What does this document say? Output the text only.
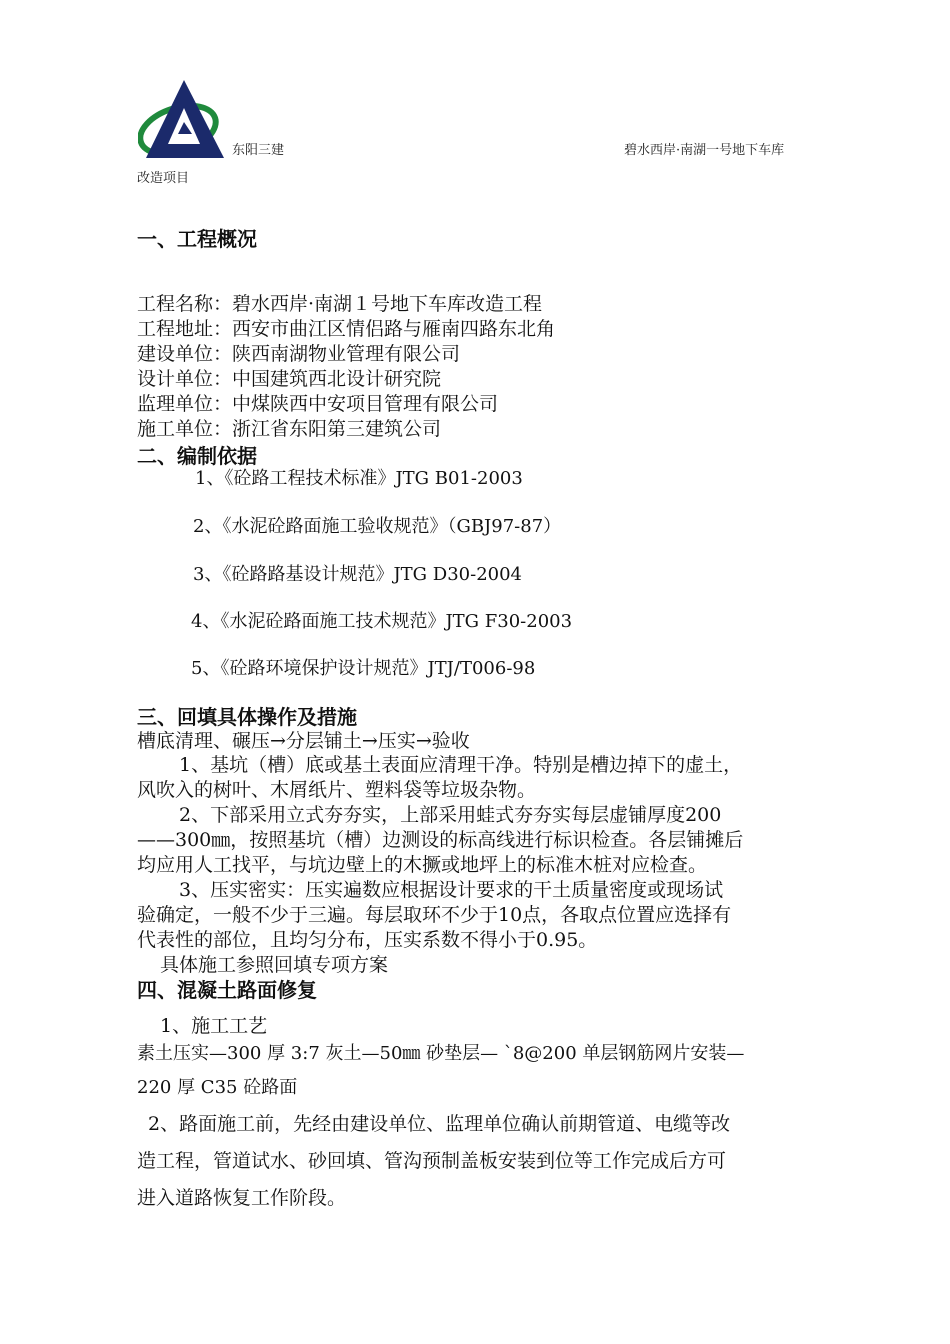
东阳三建	碧水西岸·南湖一号地下车库
改造项目
一、工程概况
工程名称：碧水西岸·南湖１号地下车库改造工程
工程地址：西安市曲江区情侣路与雁南四路东北角
建设单位：陕西南湖物业管理有限公司
设计单位：中国建筑西北设计研究院
监理单位：中煤陕西中安项目管理有限公司
施工单位：浙江省东阳第三建筑公司
二、编制依据
1、《砼路工程技术标准》JTG B01-2003
2、《水泥砼路面施工验收规范》（GBJ97-87）
3、《砼路路基设计规范》JTG D30-2004
4、《水泥砼路面施工技术规范》JTG F30-2003
5、《砼路环境保护设计规范》JTJ/T006-98
三、回填具体操作及措施
槽底清理、碾压→分层铺土→压实→验收
1、基坑（槽）底或基土表面应清理干净。特别是槽边掉下的虚土，
风吹入的树叶、木屑纸片、塑料袋等垃圾杂物。
2、下部采用立式夯夯实，上部采用蛙式夯夯实每层虚铺厚度200
——300㎜，按照基坑（槽）边测设的标高线进行标识检查。各层铺摊后
均应用人工找平，与坑边壁上的木撅或地坪上的标准木桩对应检查。
3、压实密实：压实遍数应根据设计要求的干土质量密度或现场试
验确定，一般不少于三遍。每层取环不少于10点，各取点位置应选择有
代表性的部位，且均匀分布，压实系数不得小于0.95。
具体施工参照回填专项方案
四、混凝土路面修复
1、施工工艺
素土压实—300 厚 3:7 灰土—50㎜ 砂垫层— `8@200 单层钢筋网片安装—
220 厚 C35 砼路面
2、路面施工前，先经由建设单位、监理单位确认前期管道、电缆等改
造工程，管道试水、砂回填、管沟预制盖板安装到位等工作完成后方可
进入道路恢复工作阶段。
